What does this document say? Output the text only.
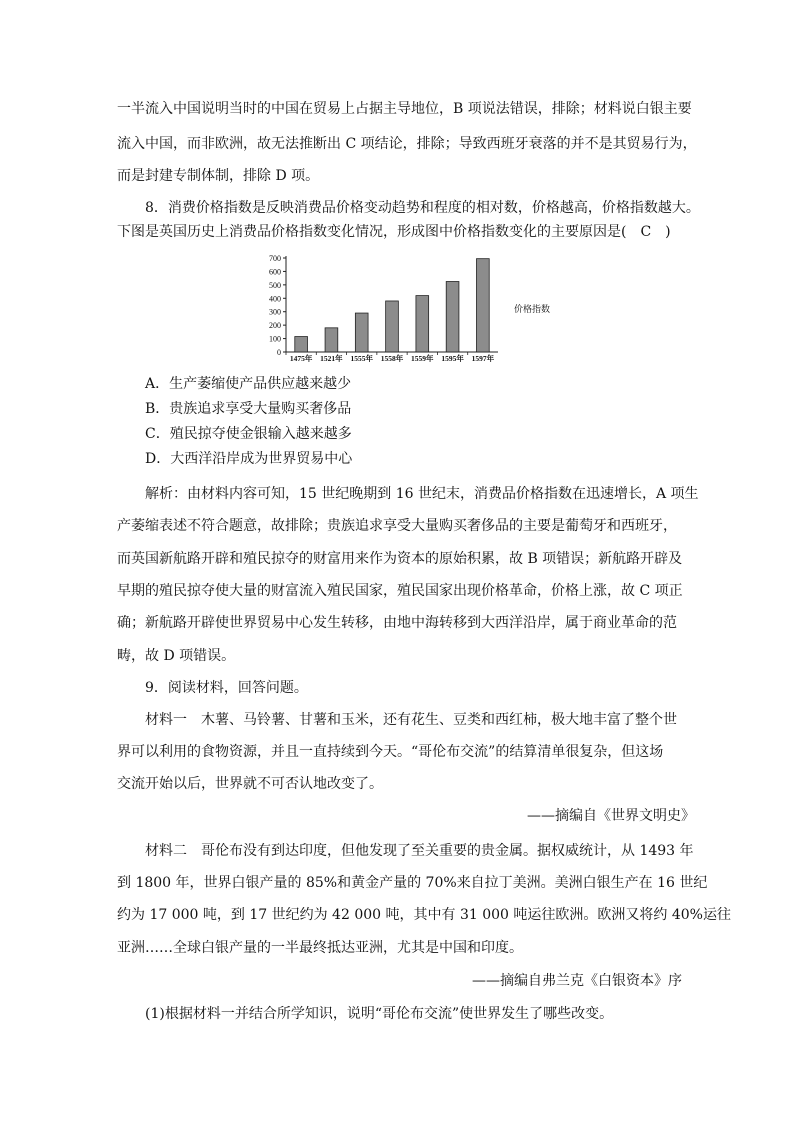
一半流入中国说明当时的中国在贸易上占据主导地位，B 项说法错误，排除；材料说白银主要
流入中国，而非欧洲，故无法推断出 C 项结论，排除；导致西班牙衰落的并不是其贸易行为，
而是封建专制体制，排除 D 项。
8．消费价格指数是反映消费品价格变动趋势和程度的相对数，价格越高，价格指数越大。
下图是英国历史上消费品价格指数变化情况，形成图中价格指数变化的主要原因是(　C　)
0
100
200
300
400
500
600
700
1475年 1521年 1555年 1558年 1559年 1595年 1597年
价格指数
A．生产萎缩使产品供应越来越少
B．贵族追求享受大量购买奢侈品
C．殖民掠夺使金银输入越来越多
D．大西洋沿岸成为世界贸易中心
解析：由材料内容可知，15 世纪晚期到 16 世纪末，消费品价格指数在迅速增长，A 项生
产萎缩表述不符合题意，故排除；贵族追求享受大量购买奢侈品的主要是葡萄牙和西班牙，
而英国新航路开辟和殖民掠夺的财富用来作为资本的原始积累，故 B 项错误；新航路开辟及
早期的殖民掠夺使大量的财富流入殖民国家，殖民国家出现价格革命，价格上涨，故 C 项正
确；新航路开辟使世界贸易中心发生转移，由地中海转移到大西洋沿岸，属于商业革命的范
畴，故 D 项错误。
9．阅读材料，回答问题。
材料一　木薯、马铃薯、甘薯和玉米，还有花生、豆类和西红柿，极大地丰富了整个世
界可以利用的食物资源，并且一直持续到今天。“哥伦布交流”的结算清单很复杂，但这场
交流开始以后，世界就不可否认地改变了。
——摘编自《世界文明史》
材料二　哥伦布没有到达印度，但他发现了至关重要的贵金属。据权威统计，从 1493 年
到 1800 年，世界白银产量的 85%和黄金产量的 70%来自拉丁美洲。美洲白银生产在 16 世纪
约为 17 000 吨，到 17 世纪约为 42 000 吨，其中有 31 000 吨运往欧洲。欧洲又将约 40%运往
亚洲……全球白银产量的一半最终抵达亚洲，尤其是中国和印度。
——摘编自弗兰克《白银资本》序
(1)根据材料一并结合所学知识，说明“哥伦布交流”使世界发生了哪些改变。
